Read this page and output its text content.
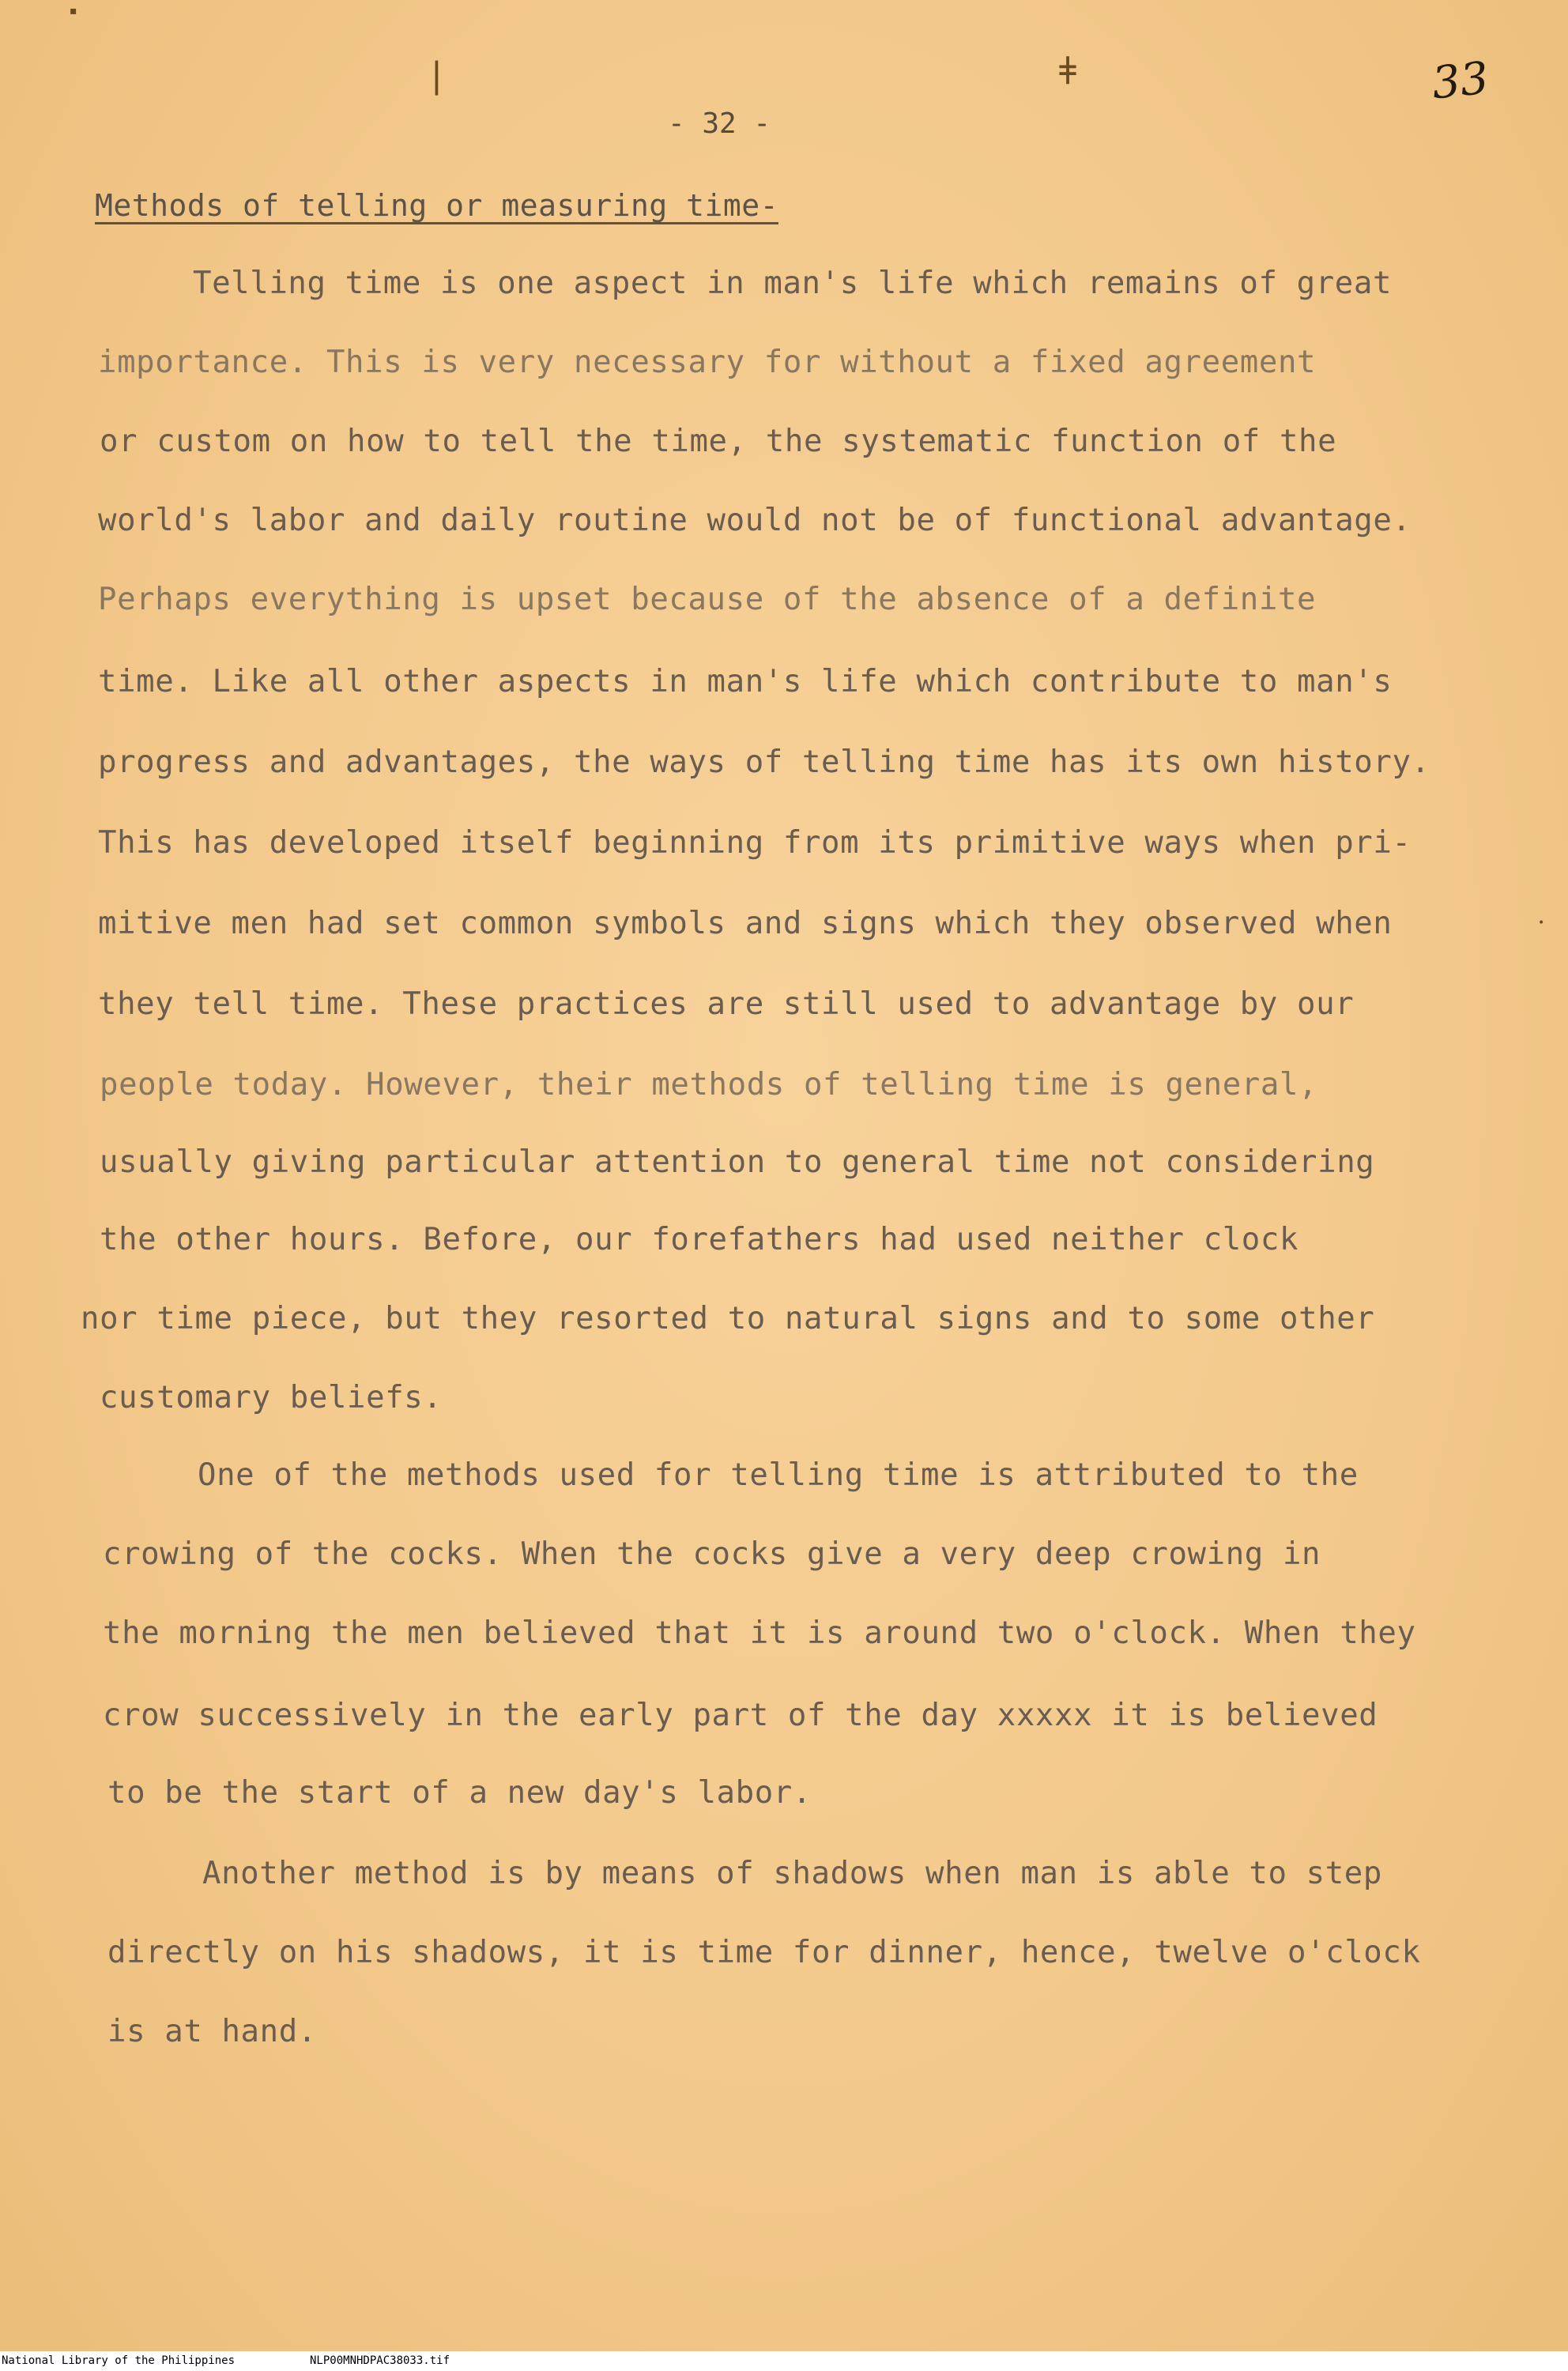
▪
❘	ǂ
•
- 32 -
33
Methods of telling or measuring time-
Telling time is one aspect in man's life which remains of great
importance. This is very necessary for without a fixed agreement
or custom on how to tell the time, the systematic function of the
world's labor and daily routine would not be of functional advantage.
Perhaps everything is upset because of the absence of a definite
time. Like all other aspects in man's life which contribute to man's
progress and advantages, the ways of telling time has its own history.
This has developed itself beginning from its primitive ways when pri-
mitive men had set common symbols and signs which they observed when
they tell time. These practices are still used to advantage by our
people today. However, their methods of telling time is general,
usually giving particular attention to general time not considering
the other hours. Before, our forefathers had used neither clock
nor time piece, but they resorted to natural signs and to some other
customary beliefs.
One of the methods used for telling time is attributed to the
crowing of the cocks. When the cocks give a very deep crowing in
the morning the men believed that it is around two o'clock. When they
crow successively in the early part of the day xxxxx it is believed
to be the start of a new day's labor.
Another method is by means of shadows when man is able to step
directly on his shadows, it is time for dinner, hence, twelve o'clock
is at hand.
National Library of the Philippines	NLP00MNHDPAC38033.tif
